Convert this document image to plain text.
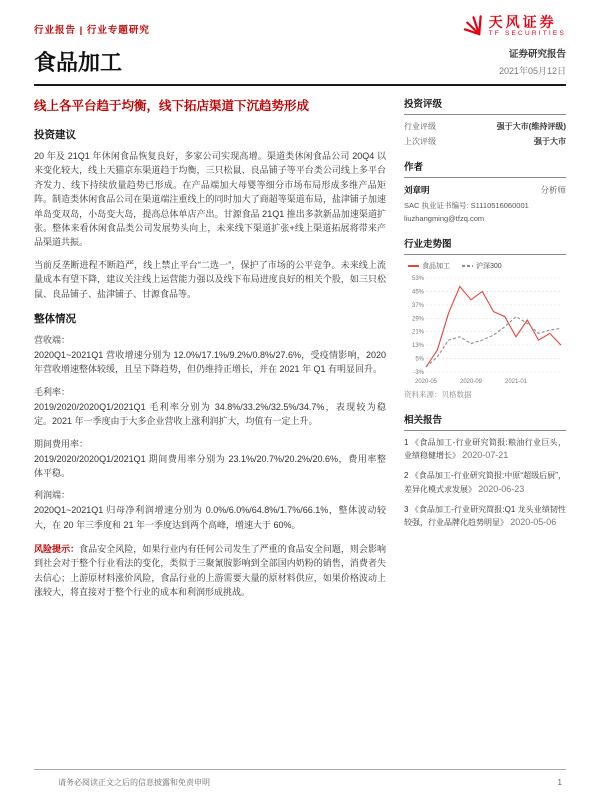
行业报告 | 行业专题研究
天风证券
TF SECURITIES
食品加工	证券研究报告
2021年05月12日
线上各平台趋于均衡，线下拓店渠道下沉趋势形成
投资建议

20 年及 21Q1 年休闲食品恢复良好，多家公司实现高增。渠道类休闲食品公司 20Q4 以来变化较大，线上天猫京东渠道趋于均衡，三只松鼠、良品铺子等平台类公司线上多平台齐发力、线下持续放量趋势已形成。在产品端加大母婴等细分市场布局形成多维产品矩阵。制造类休闲食品公司在渠道端注重线上的同时加大了商超等渠道布局，盐津铺子加速单岛变双岛，小岛变大岛，提高总体单店产出。甘源食品 21Q1 推出多款新品加速渠道扩张。整体来看休闲食品类公司发展势头向上，未来线下渠道扩张+线上渠道拓展将带来产品渠道共振。

当前反垄断进程不断趋严，线上禁止平台“二选一”，保护了市场的公平竞争。未来线上流量成本有望下降，建议关注线上运营能力强以及线下布局进度良好的相关个股，如三只松鼠、良品铺子、盐津铺子、甘源食品等。

整体情况

营收端：

2020Q1~2021Q1 营收增速分别为 12.0%/17.1%/9.2%/0.8%/27.6%，受疫情影响，2020 年营收增速整体较缓，且呈下降趋势，但仍维持正增长，并在 2021 年 Q1 有明显回升。

毛利率：

2019/2020/2020Q1/2021Q1 毛利率分别为 34.8%/33.2%/32.5%/34.7%，表现较为稳定。2021 年一季度由于大多企业营收上涨利润扩大，均值有一定上升。

期间费用率：

2019/2020/2020Q1/2021Q1 期间费用率分别为 23.1%/20.7%/20.2%/20.6%，费用率整体平稳。

利润端：

2020Q1~2021Q1 归母净利润增速分别为 0.0%/6.0%/64.8%/1.7%/66.1%，整体波动较大，在 20 年三季度和 21 年一季度达到两个高峰，增速大于 60%。

风险提示：食品安全风险，如果行业内有任何公司发生了严重的食品安全问题，则会影响到社会对于整个行业看法的变化，类似于三聚氰胺影响到全部国内奶粉的销售，消费者失去信心；上游原材料涨价风险，食品行业的上游需要大量的原材料供应，如果价格波动上涨较大，将直接对于整个行业的成本和利润形成挑战。

投资评级
行业评级	强于大市(维持评级)
上次评级	强于大市
作者
刘章明	分析师

SAC 执业证书编号: S1110516060001

liuzhangming@tfzq.com

行业走势图
食品加工	沪深300
53%
45%
37%
29%
21%
13%
5%
-3%
2020-05	2020-09	2021-01

资料来源：贝格数据

相关报告

1 《食品加工-行业研究简报:粮油行业巨头，业绩稳健增长》 2020-07-21

2 《食品加工-行业研究简报:中原“超级后厨”，差异化模式求发展》 2020-06-23

3 《食品加工-行业研究简报:Q1 龙头业绩韧性较强，行业品牌化趋势明显》 2020-05-06

请务必阅读正文之后的信息披露和免责申明	1
